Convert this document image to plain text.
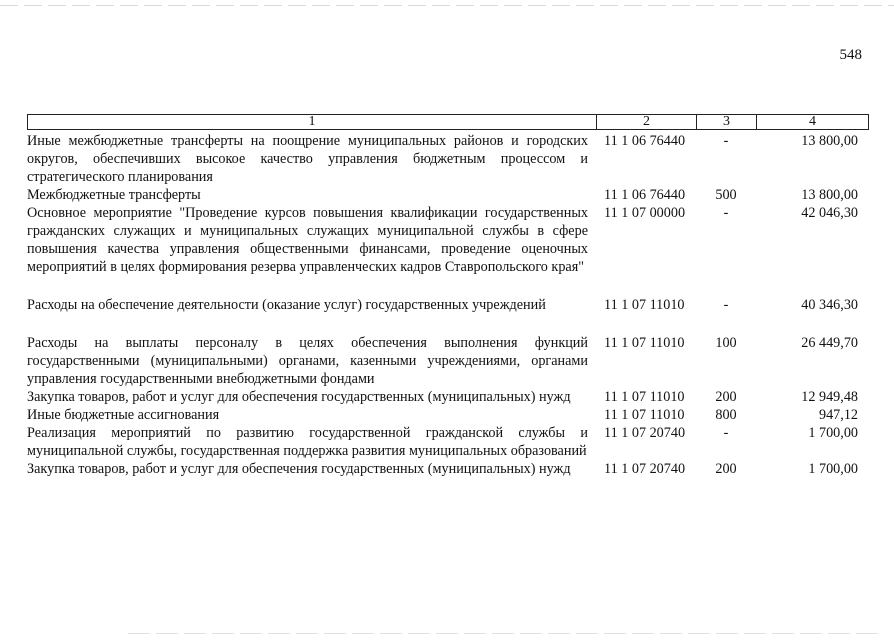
548
1	2	3	4
Иные межбюджетные трансферты на поощрение муниципальных районов и городских округов, обеспечивших высокое качество управления бюджетным процессом и стратегического планирования
11 1 06 76440	-	13 800,00
Межбюджетные трансферты	11 1 06 76440	500	13 800,00
Основное мероприятие "Проведение курсов повышения квалификации государственных гражданских служащих и муниципальных служащих муниципальной службы в сфере повышения качества управления общественными финансами, проведение оценочных мероприятий в целях формирования резерва управленческих кадров Ставропольского края"
11 1 07 00000	-	42 046,30
Расходы на обеспечение деятельности (оказание услуг) государственных учреждений	11 1 07 11010	-	40 346,30
Расходы на выплаты персоналу в целях обеспечения выполнения функций государственными (муниципальными) органами, казенными учреждениями, органами управления государственными внебюджетными фондами
11 1 07 11010	100	26 449,70
Закупка товаров, работ и услуг для обеспечения государственных (муниципальных) нужд	11 1 07 11010	200	12 949,48
Иные бюджетные ассигнования	11 1 07 11010	800	947,12
Реализация мероприятий по развитию государственной гражданской службы и муниципальной службы, государственная поддержка развития муниципальных образований
11 1 07 20740	-	1 700,00
Закупка товаров, работ и услуг для обеспечения государственных (муниципальных) нужд	11 1 07 20740	200	1 700,00
